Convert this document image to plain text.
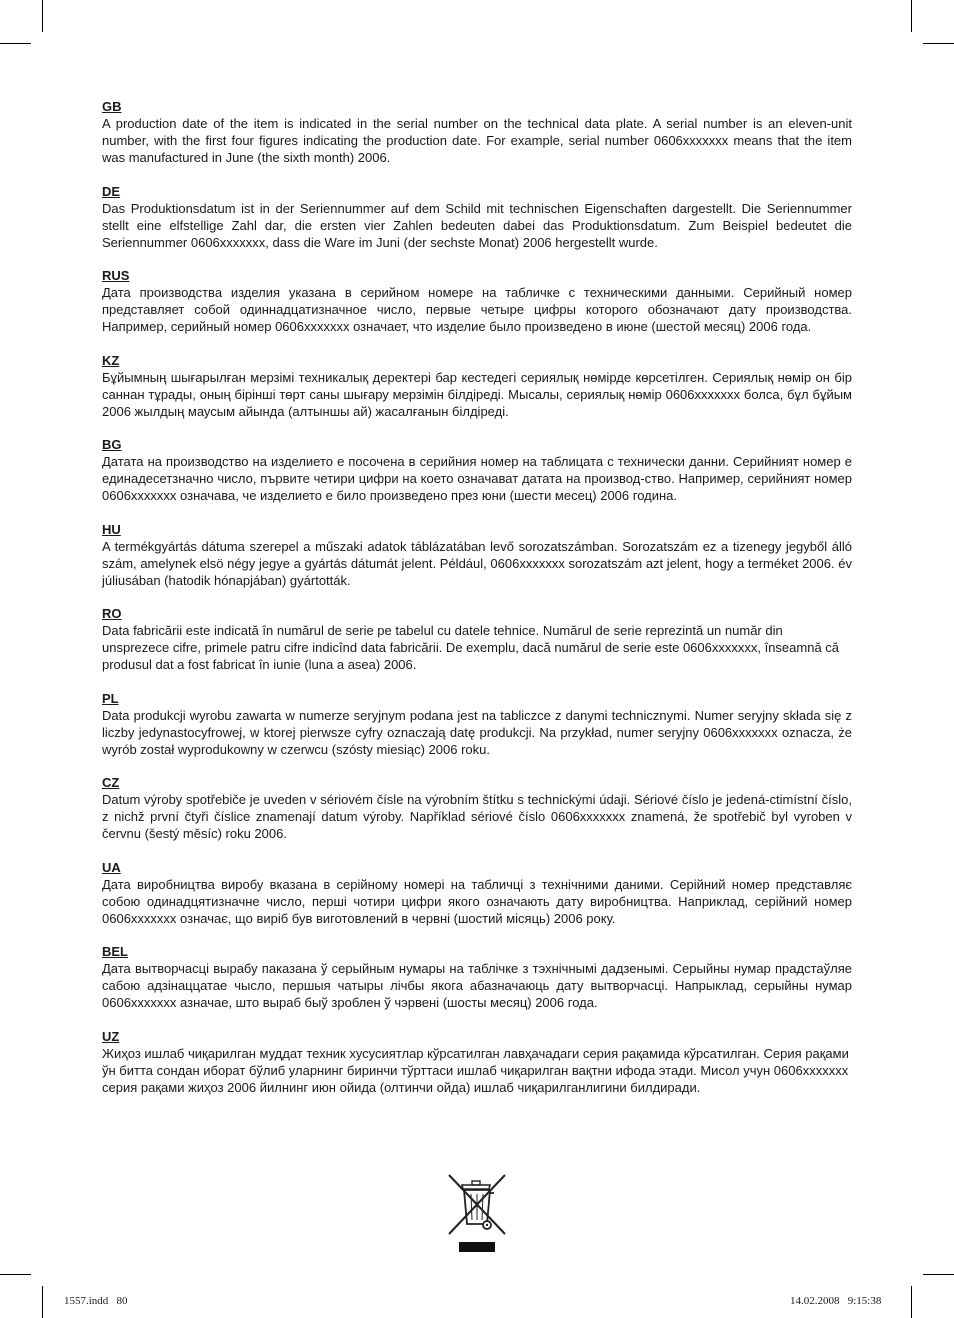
GB

A production date of the item is indicated in the serial number on the technical data plate. A serial number is an eleven-unit number, with the first four figures indicating the production date. For example, serial number 0606xxxxxxx means that the item was manufactured in June (the sixth month) 2006.

DE

Das Produktionsdatum ist in der Seriennummer auf dem Schild mit technischen Eigenschaften dargestellt. Die Seriennummer stellt eine elfstellige Zahl dar, die ersten vier Zahlen bedeuten dabei das Produktionsdatum. Zum Beispiel bedeutet die Seriennummer 0606xxxxxxx, dass die Ware im Juni (der sechste Monat) 2006 hergestellt wurde.

RUS

Дата производства изделия указана в серийном номере на табличке с техническими данными. Серийный номер представляет собой одиннадцатизначное число, первые четыре цифры которого обозначают дату производства. Например, серийный номер 0606xxxxxxx означает, что изделие было произведено в июне (шестой месяц) 2006 года.

KZ

Бұйымның шығарылған мерзімі техникалық деректері бар кестедегі сериялық нөмірде көрсетілген. Сериялық нөмір он бір саннан тұрады, оның бірінші төрт саны шығару мерзімін білдіреді. Мысалы, сериялық нөмір 0606xxxxxxx болса, бұл бұйым 2006 жылдың маусым айында (алтыншы ай) жасалғанын білдіреді.

BG

Датата на производство на изделието е посочена в серийния номер на таблицата с технически данни. Серийният номер е единадесетзначно число, първите четири цифри на което означават датата на производ-ство. Например, серийният номер 0606xxxxxxx означава, че изделието е било произведено през юни (шести месец) 2006 година.

HU

A termékgyártás dátuma szerepel a műszaki adatok táblázatában levő sorozatszámban. Sorozatszám ez a tizenegy jegyből álló szám, amelynek elsö négy jegye a gyártás dátumát jelent. Például, 0606xxxxxxx sorozatszám azt jelent, hogy a terméket 2006. év júliusában (hatodik hónapjában) gyártották.

RO

Data fabricării este indicată în numărul de serie pe tabelul cu datele tehnice. Numărul de serie reprezintă un număr din unsprezece cifre, primele patru cifre indicînd data fabricării. De exemplu, dacă numărul de serie este 0606xxxxxxx, înseamnă că produsul dat a fost fabricat în iunie (luna a asea) 2006.

PL

Data produkcji wyrobu zawarta w numerze seryjnym podana jest na tabliczce z danymi technicznymi. Numer seryjny składa się z liczby jedynastocyfrowej, w ktorej pierwsze cyfry oznaczają datę produkcji. Na przykład, numer seryjny 0606xxxxxxx oznacza, że wyrób został wyprodukowny w czerwcu (szósty miesiąc) 2006 roku.

CZ

Datum výroby spotřebiče je uveden v sériovém čísle na výrobním štítku s technickými údaji. Sériové číslo je jedená-ctimístní číslo, z nichž první čtyři číslice znamenají datum výroby. Například sériové číslo 0606xxxxxxx znamená, že spotřebič byl vyroben v červnu (šestý měsíc) roku 2006.

UA

Дата виробництва виробу вказана в серійному номері на табличці з технічними даними. Серійний номер представляє собою одинадцятизначне число, перші чотири цифри якого означають дату виробництва. Наприклад, серійний номер 0606xxxxxxx означає, що виріб був виготовлений в червні (шостий місяць) 2006 року.

BEL

Дата вытворчасці вырабу паказана ў серыйным нумары на таблічке з тэхнічнымі дадзенымі. Серыйны нумар прадстаўляе сабою адзінаццатае чысло, першыя чатыры лічбы якога абазначаюць дату вытворчасці. Напрыклад, серыйны нумар 0606xxxxxxx азначае, што выраб быў зроблен ў чэрвені (шосты месяц) 2006 года.

UZ

Жиҳоз ишлаб чиқарилган муддат техник хусусиятлар кўрсатилган лавҳачадаги серия рақамида кўрсатилган. Серия рақами ўн битта сондан иборат бўлиб уларнинг биринчи тўрттаси ишлаб чиқарилган вақтни ифода этади. Мисол учун 0606xxxxxxx серия рақами жиҳоз 2006 йилнинг июн ойида (олтинчи ойда) ишлаб чиқарилганлигини билдиради.

1557.indd   80	14.02.2008   9:15:38
